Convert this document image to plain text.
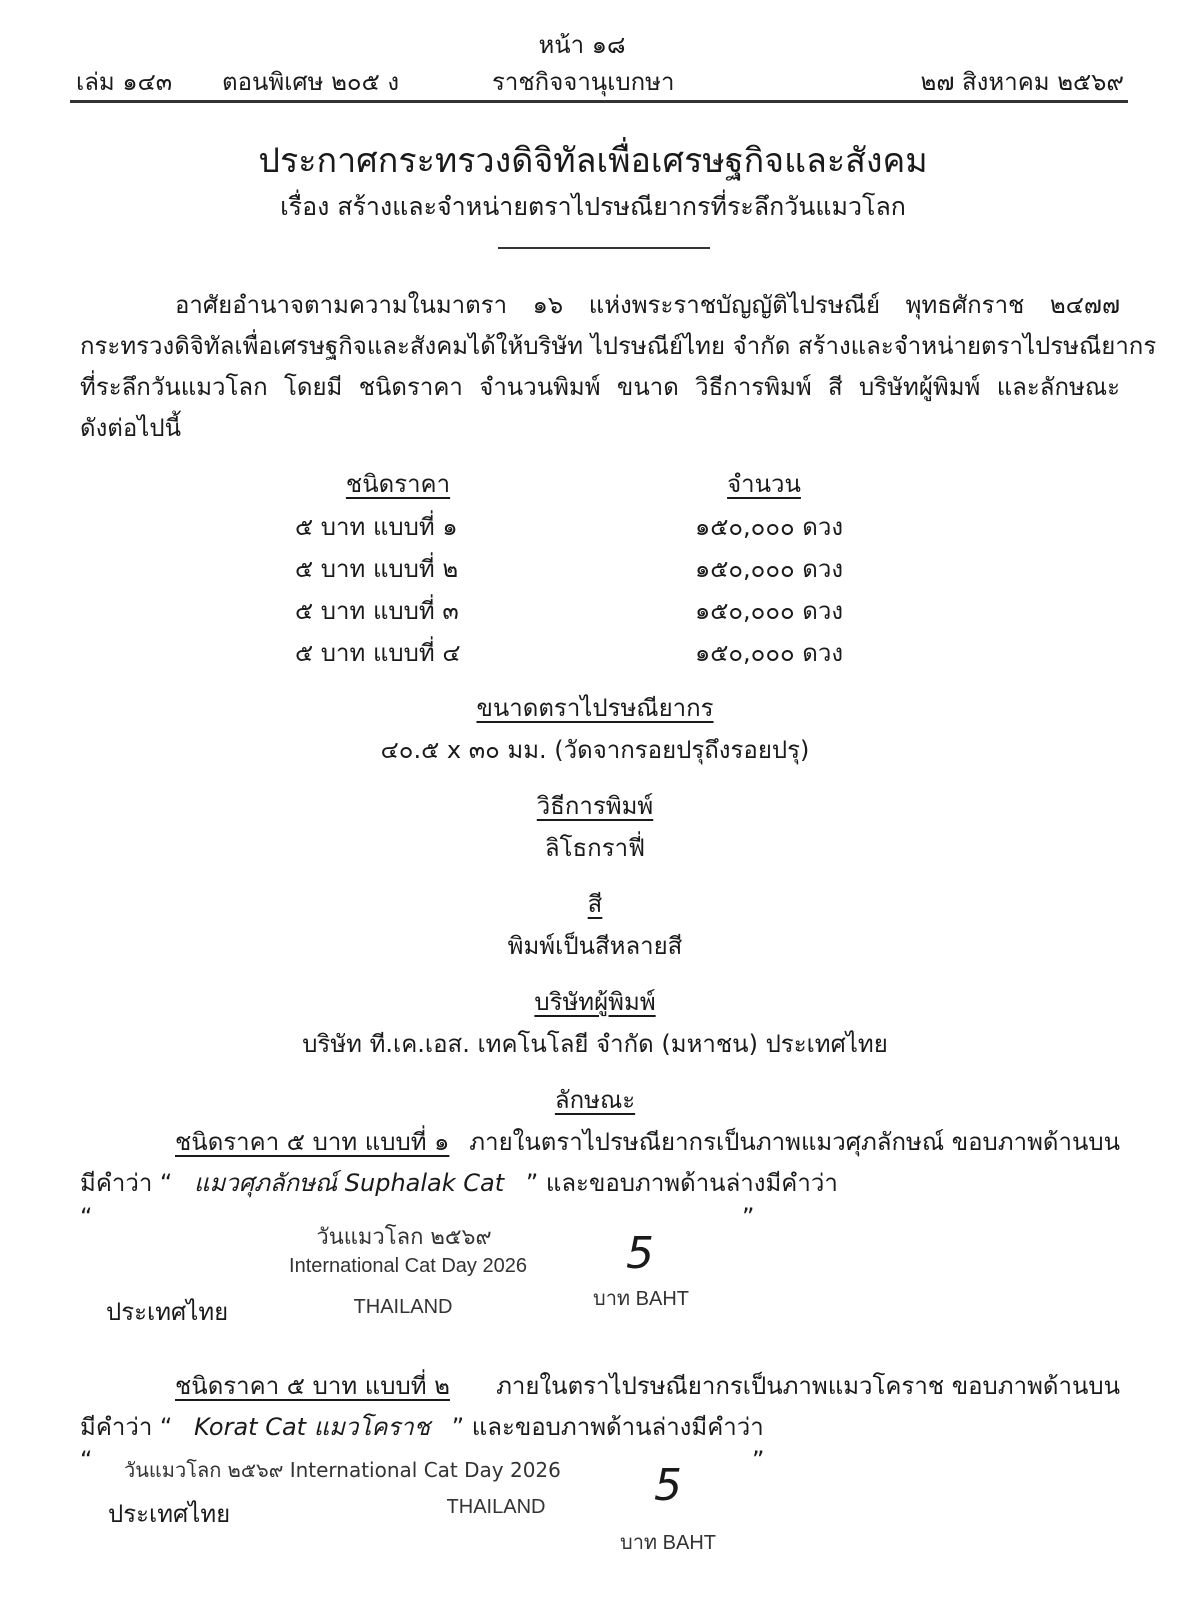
หน้า ๑๘
เล่ม ๑๔๓ ตอนพิเศษ ๒๐๕ ง	ราชกิจจานุเบกษา	๒๗ สิงหาคม ๒๕๖๙
ประกาศกระทรวงดิจิทัลเพื่อเศรษฐกิจและสังคม
เรื่อง สร้างและจำหน่ายตราไปรษณียากรที่ระลึกวันแมวโลก
อาศัยอำนาจตามความในมาตรา ๑๖ แห่งพระราชบัญญัติไปรษณีย์ พุทธศักราช ๒๔๗๗
กระทรวงดิจิทัลเพื่อเศรษฐกิจและสังคมได้ให้บริษัท ไปรษณีย์ไทย จำกัด สร้างและจำหน่ายตราไปรษณียากร
ที่ระลึกวันแมวโลก โดยมี ชนิดราคา จำนวนพิมพ์ ขนาด วิธีการพิมพ์ สี บริษัทผู้พิมพ์ และลักษณะ
ดังต่อไปนี้
ชนิดราคา	จำนวน
๕ บาท แบบที่ ๑	๑๕๐,๐๐๐ ดวง
๕ บาท แบบที่ ๒	๑๕๐,๐๐๐ ดวง
๕ บาท แบบที่ ๓	๑๕๐,๐๐๐ ดวง
๕ บาท แบบที่ ๔	๑๕๐,๐๐๐ ดวง
ขนาดตราไปรษณียากร
๔๐.๕ x ๓๐ มม. (วัดจากรอยปรุถึงรอยปรุ)
วิธีการพิมพ์
ลิโธกราฟี่
สี
พิมพ์เป็นสีหลายสี
บริษัทผู้พิมพ์
บริษัท ที.เค.เอส. เทคโนโลยี จำกัด (มหาชน) ประเทศไทย
ลักษณะ
ชนิดราคา ๕ บาท แบบที่ ๑ ภายในตราไปรษณียากรเป็นภาพแมวศุภลักษณ์ ขอบภาพด้านบน
มีคำว่า “ แมวศุภลักษณ์ Suphalak Cat ” และขอบภาพด้านล่างมีคำว่า
“	”
วันแมวโลก ๒๕๖๙
International Cat Day 2026 5
ประเทศไทย	THAILAND	บาท BAHT
ชนิดราคา ๕ บาท แบบที่ ๒ ภายในตราไปรษณียากรเป็นภาพแมวโคราช ขอบภาพด้านบน
มีคำว่า “ Korat Cat แมวโคราช ” และขอบภาพด้านล่างมีคำว่า
“	”
วันแมวโลก ๒๕๖๙ International Cat Day 2026 5
ประเทศไทย	THAILAND
บาท BAHT
